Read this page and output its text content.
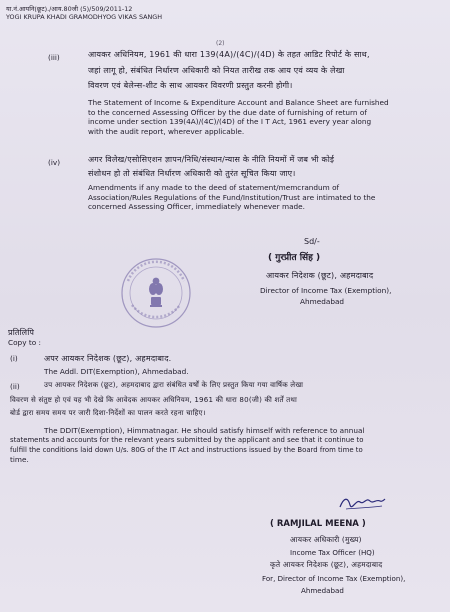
या.नं.आयनि(छूट)./आय.80जी (5)/509/2011-12
YOGI KRUPA KHADI GRAMODHYOG VIKAS SANGH
(2)
(iii)	आयकर अधिनियम, 1961 की धारा 139(4A)/(4C)/(4D) के तहत आडिट रिपोर्ट के साथ,
जहां लागू हो, संबंधित निर्धारण अधिकारी को नियत तारीख तक आय एवं व्यय के लेखा
विवरण एवं बेलेन्स-शीट के साथ आयकर विवरणी प्रस्तुत करनी होगी।
The Statement of Income & Expenditure Account and Balance Sheet are furnished
to the concerned Assessing Officer by the due date of furnishing of return of
income under section 139(4A)/(4C)/(4D) of the I T Act, 1961 every year along
with the audit report, wherever applicable.
(iv)	अगर विलेख/एसोसिएशन ज्ञापन/निधि/संस्थान/न्यास के नीति नियमों में जब भी कोई
संशोधन हो तो संबंधित निर्धारण अधिकारी को तुरंत सूचित किया जाए।
Amendments if any made to the deed of statement/memcrandum of
Association/Rules Regulations of the Fund/Institution/Trust are intimated to the
concerned Assessing Officer, immediately whenever made.
Sd/-
( गुरप्रीत सिंह )
आयकर निदेशक (छूट), अहमदाबाद
Director of Income Tax (Exemption),
Ahmedabad
प्रतिलिपि
Copy to :
(i)	अपर आयकर निदेशक (छूट), अहमदाबाद.
The Addl. DIT(Exemption), Ahmedabad.
(ii)	उप आयकर निदेशक (छूट), अहमदाबाद द्वारा संबंधित वर्षों के लिए प्रस्तुत किया गया वार्षिक लेखा
विवरण से संतुष्ट हो एवं यह भी देखे कि आवेदक आयकर अधिनियम, 1961 की धारा 80(जी) की शर्तें तथा
बोर्ड द्वारा समय समय पर जारी दिशा-निर्देशों का पालन करते रहना चाहिए।
The DDIT(Exemption), Himmatnagar. He should satisfy himself with reference to annual
statements and accounts for the relevant years submitted by the applicant and see that it continue to
fulfill the conditions laid down U/s. 80G of the IT Act and instructions issued by the Board from time to
time.
( RAMJILAL MEENA )
आयकर अधिकारी (मुख्य)
Income Tax Officer (HQ)
कृते आयकर निदेशक (छूट), अहमदाबाद
For, Director of Income Tax (Exemption),
Ahmedabad
